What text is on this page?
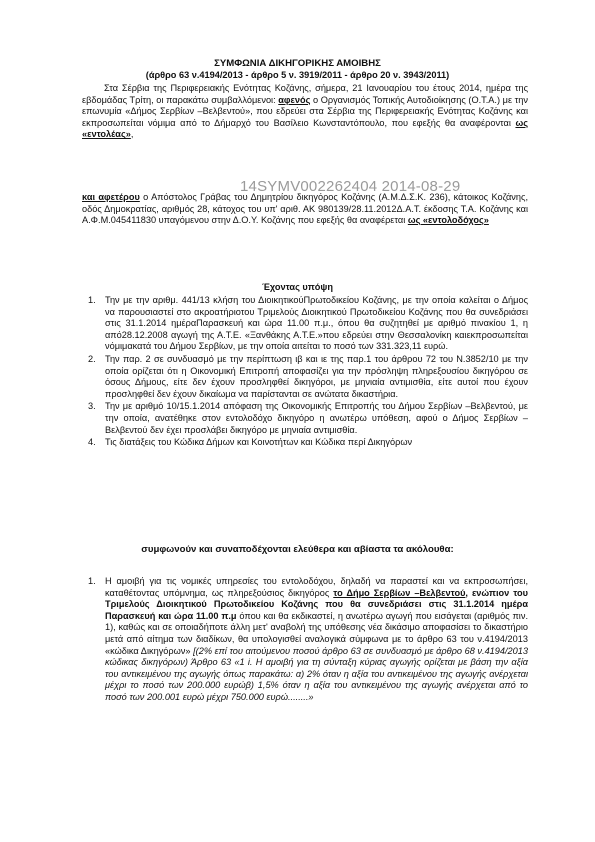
ΣΥΜΦΩΝΙΑ ΔΙΚΗΓΟΡΙΚΗΣ ΑΜΟΙΒΗΣ
(άρθρο 63 ν.4194/2013 - άρθρο 5 ν. 3919/2011 - άρθρο 20 ν. 3943/2011)
Στα Σέρβια της Περιφερειακής Ενότητας Κοζάνης, σήμερα, 21 Ιανουαρίου του έτους 2014, ημέρα της εβδομάδας Τρίτη, οι παρακάτω συμβαλλόμενοι: αφενός ο Οργανισμός Τοπικής Αυτοδιοίκησης (Ο.Τ.Α.) με την επωνυμία «Δήμος Σερβίων –Βελβεντού», που εδρεύει στα Σέρβια της Περιφερειακής Ενότητας Κοζάνης και εκπροσωπείται νόμιμα από το Δήμαρχό του Βασίλειο Κωνσταντόπουλο, που εφεξής θα αναφέρονται ως «εντολέας»,
14SYMV002262404 2014-08-29
και αφετέρου ο Απόστολος Γράβας του Δημητρίου δικηγόρος Κοζάνης (Α.Μ.Δ.Σ.Κ. 236), κάτοικος Κοζάνης, οδός Δημοκρατίας, αριθμός 28, κάτοχος του υπ' αριθ. ΑΚ 980139/28.11.2012Δ.Α.Τ. έκδοσης Τ.Α. Κοζάνης και Α.Φ.Μ.045411830 υπαγόμενου στην Δ.Ο.Υ. Κοζάνης που εφεξής θα αναφέρεται ως «εντολοδόχος»
Έχοντας υπόψη
1. Την με την αριθμ. 441/13 κλήση του ΔιοικητικούΠρωτοδικείου Κοζάνης, με την οποία καλείται ο Δήμος να παρουσιαστεί στο ακροατήριοτου Τριμελούς Διοικητικού Πρωτοδικείου Κοζάνης που θα συνεδριάσει στις 31.1.2014 ημέραΠαρασκευή και ώρα 11.00 π.μ., όπου θα συζητηθεί με αριθμό πινακίου 1, η από28.12.2008 αγωγή της Α.Τ.Ε. «Ξανθάκης Α.Τ.Ε.»που εδρεύει στην Θεσσαλονίκη καιεκπροσωπείται νόμιμακατά του Δήμου Σερβίων, με την οποία αιτείται το ποσό των 331.323,11 ευρώ.
2. Την παρ. 2 σε συνδυασμό με την περίπτωση ιβ και ιε της παρ.1 του άρθρου 72 του Ν.3852/10 με την οποία ορίζεται ότι η Οικονομική Επιτροπή αποφασίζει για την πρόσληψη πληρεξουσίου δικηγόρου σε όσους Δήμους, είτε δεν έχουν προσληφθεί δικηγόροι, με μηνιαία αντιμισθία, είτε αυτοί που έχουν προσληφθεί δεν έχουν δικαίωμα να παρίστανται σε ανώτατα δικαστήρια.
3. Την με αριθμό 10/15.1.2014 απόφαση της Οικονομικής Επιτροπής του Δήμου Σερβίων –Βελβεντού, με την οποία, ανατέθηκε στον εντολοδόχο δικηγόρο η ανωτέρω υπόθεση, αφού ο Δήμος Σερβίων – Βελβεντού δεν έχει προσλάβει δικηγόρο με μηνιαία αντιμισθία.
4. Τις διατάξεις του Κώδικα Δήμων και Κοινοτήτων και Κώδικα περί Δικηγόρων
συμφωνούν και συναποδέχονται ελεύθερα και αβίαστα τα ακόλουθα:
1. Η αμοιβή για τις νομικές υπηρεσίες του εντολοδόχου, δηλαδή να παραστεί και να εκπροσωπήσει, καταθέτοντας υπόμνημα, ως πληρεξούσιος δικηγόρος το Δήμο Σερβίων –Βελβεντού, ενώπιον του Τριμελούς Διοικητικού Πρωτοδικείου Κοζάνης που θα συνεδριάσει στις 31.1.2014 ημέρα Παρασκευή και ώρα 11.00 π.μ όπου και θα εκδικαστεί, η ανωτέρω αγωγή που εισάγεται (αριθμός πιν. 1), καθώς και σε οποιαδήποτε άλλη μετ' αναβολή της υπόθεσης νέα δικάσιμο αποφασίσει το δικαστήριο μετά από αίτημα των διαδίκων, θα υπολογισθεί αναλογικά σύμφωνα με το άρθρο 63 του ν.4194/2013 «κώδικα Δικηγόρων» [(2% επί του αιτούμενου ποσού άρθρο 63 σε συνδυασμό με άρθρο 68 ν.4194/2013 κώδικας δικηγόρων) Άρθρο 63 «1 i. Η αμοιβή για τη σύνταξη κύριας αγωγής ορίζεται με βάση την αξία του αντικειμένου της αγωγής όπως παρακάτω: α) 2% όταν η αξία του αντικειμένου της αγωγής ανέρχεται μέχρι το ποσό των 200.000 ευρώβ) 1,5% όταν η αξία του αντικειμένου της αγωγής ανέρχεται από το ποσό των 200.001 ευρώ μέχρι 750.000 ευρώ........»
